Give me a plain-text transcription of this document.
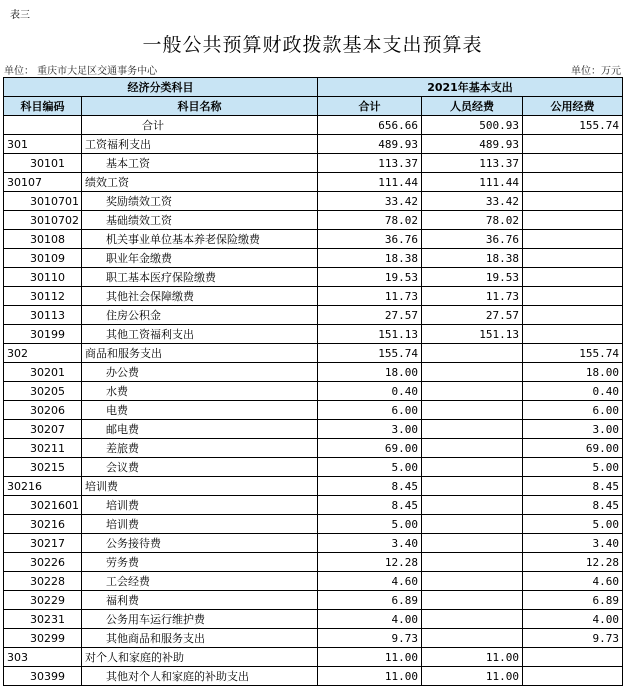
表三
一般公共预算财政拨款基本支出预算表
单位： 重庆市大足区交通事务中心	单位：万元
经济分类科目		2021年基本支出		
科目编码	科目名称	合计	人员经费	公用经费
	合计	656.66	500.93	155.74
301	工资福利支出	489.93	489.93	
30101	基本工资	113.37	113.37	
30107	绩效工资	111.44	111.44	
3010701	奖励绩效工资	33.42	33.42	
3010702	基础绩效工资	78.02	78.02	
30108	机关事业单位基本养老保险缴费	36.76	36.76	
30109	职业年金缴费	18.38	18.38	
30110	职工基本医疗保险缴费	19.53	19.53	
30112	其他社会保障缴费	11.73	11.73	
30113	住房公积金	27.57	27.57	
30199	其他工资福利支出	151.13	151.13	
302	商品和服务支出	155.74		155.74
30201	办公费	18.00		18.00
30205	水费	0.40		0.40
30206	电费	6.00		6.00
30207	邮电费	3.00		3.00
30211	差旅费	69.00		69.00
30215	会议费	5.00		5.00
30216	培训费	8.45		8.45
3021601	培训费	8.45		8.45
30216	培训费	5.00		5.00
30217	公务接待费	3.40		3.40
30226	劳务费	12.28		12.28
30228	工会经费	4.60		4.60
30229	福利费	6.89		6.89
30231	公务用车运行维护费	4.00		4.00
30299	其他商品和服务支出	9.73		9.73
303	对个人和家庭的补助	11.00	11.00	
30399	其他对个人和家庭的补助支出	11.00	11.00	
